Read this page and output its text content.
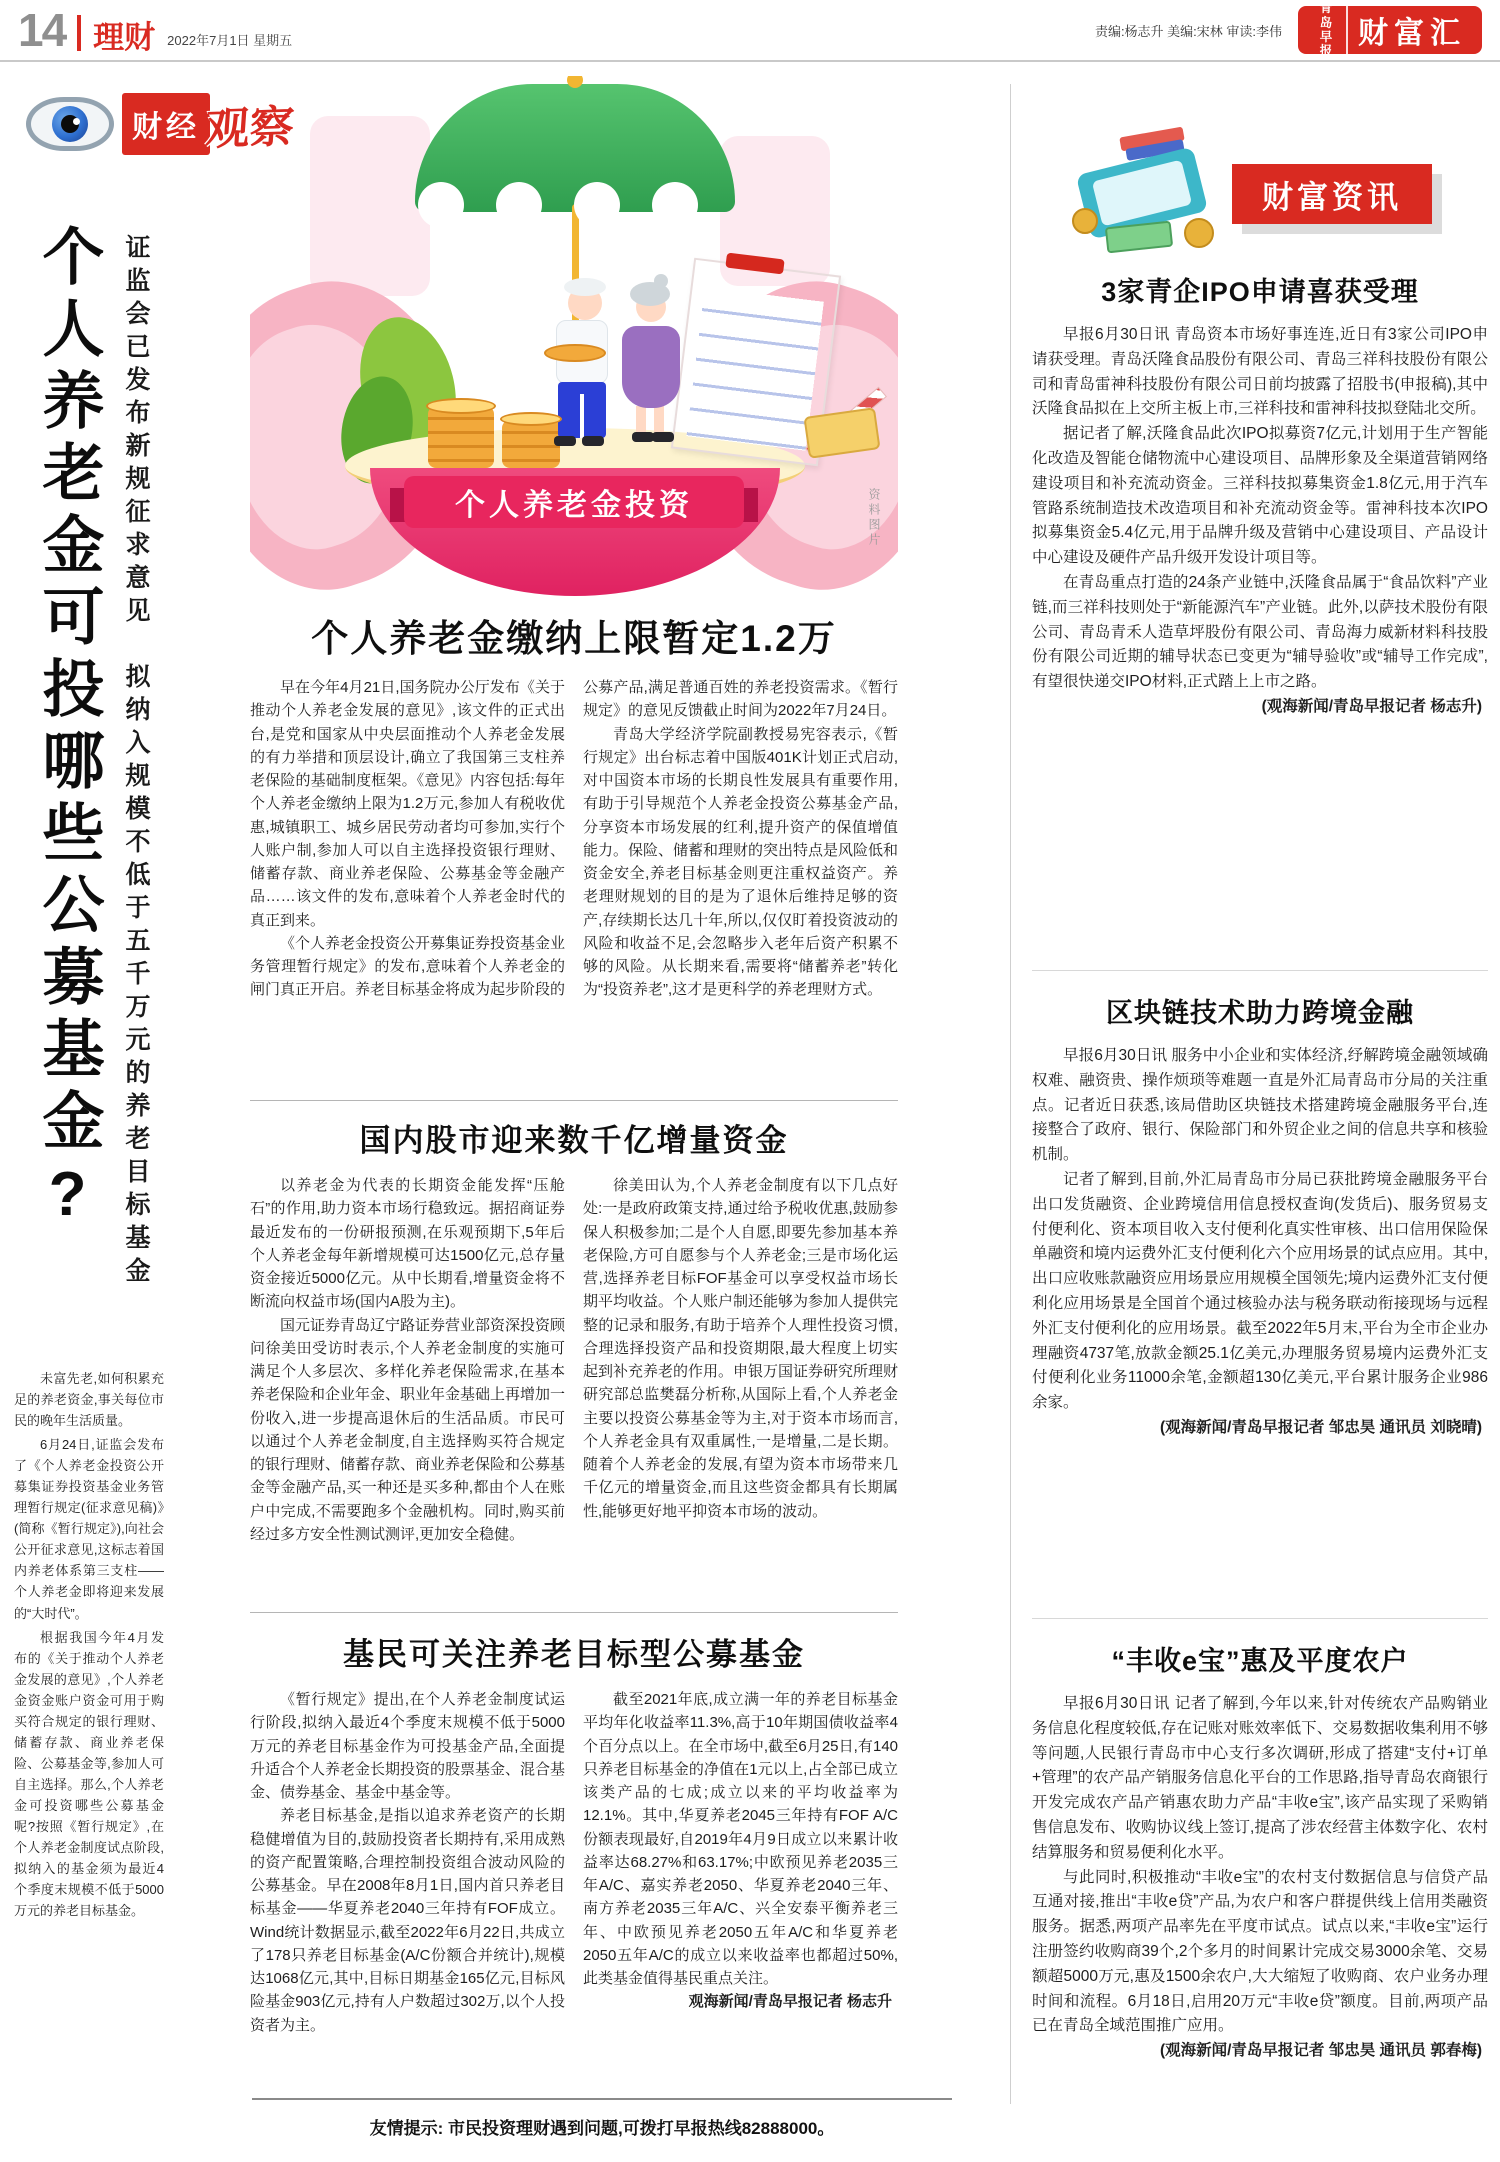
14 理财 2022年7月1日 星期五
责编:杨志升 美编:宋林 审读:李伟
青岛早报
财富汇
财经 观察
个人养老金可投哪些公募基金? 证监会已发布新规征求意见　拟纳入规模不低于五千万元的养老目标基金

未富先老,如何积累充足的养老资金,事关每位市民的晚年生活质量。

6月24日,证监会发布了《个人养老金投资公开募集证券投资基金业务管理暂行规定(征求意见稿)》(简称《暂行规定》),向社会公开征求意见,这标志着国内养老体系第三支柱——个人养老金即将迎来发展的“大时代”。

根据我国今年4月发布的《关于推动个人养老金发展的意见》,个人养老金资金账户资金可用于购买符合规定的银行理财、储蓄存款、商业养老保险、公募基金等,参加人可自主选择。那么,个人养老金可投资哪些公募基金呢?按照《暂行规定》,在个人养老金制度试点阶段,拟纳入的基金须为最近4个季度末规模不低于5000万元的养老目标基金。

个人养老金投资	资料图片
个人养老金缴纳上限暂定1.2万

早在今年4月21日,国务院办公厅发布《关于推动个人养老金发展的意见》,该文件的正式出台,是党和国家从中央层面推动个人养老金发展的有力举措和顶层设计,确立了我国第三支柱养老保险的基础制度框架。《意见》内容包括:每年个人养老金缴纳上限为1.2万元,参加人有税收优惠,城镇职工、城乡居民劳动者均可参加,实行个人账户制,参加人可以自主选择投资银行理财、储蓄存款、商业养老保险、公募基金等金融产品……该文件的发布,意味着个人养老金时代的真正到来。

《个人养老金投资公开募集证券投资基金业务管理暂行规定》的发布,意味着个人养老金的闸门真正开启。养老目标基金将成为起步阶段的公募产品,满足普通百姓的养老投资需求。《暂行规定》的意见反馈截止时间为2022年7月24日。

青岛大学经济学院副教授易宪容表示,《暂行规定》出台标志着中国版401K计划正式启动,对中国资本市场的长期良性发展具有重要作用,有助于引导规范个人养老金投资公募基金产品,分享资本市场发展的红利,提升资产的保值增值能力。保险、储蓄和理财的突出特点是风险低和资金安全,养老目标基金则更注重权益资产。养老理财规划的目的是为了退休后维持足够的资产,存续期长达几十年,所以,仅仅盯着投资波动的风险和收益不足,会忽略步入老年后资产积累不够的风险。从长期来看,需要将“储蓄养老”转化为“投资养老”,这才是更科学的养老理财方式。

国内股市迎来数千亿增量资金

以养老金为代表的长期资金能发挥“压舱石”的作用,助力资本市场行稳致远。据招商证券最近发布的一份研报预测,在乐观预期下,5年后个人养老金每年新增规模可达1500亿元,总存量资金接近5000亿元。从中长期看,增量资金将不断流向权益市场(国内A股为主)。

国元证券青岛辽宁路证券营业部资深投资顾问徐美田受访时表示,个人养老金制度的实施可满足个人多层次、多样化养老保险需求,在基本养老保险和企业年金、职业年金基础上再增加一份收入,进一步提高退休后的生活品质。市民可以通过个人养老金制度,自主选择购买符合规定的银行理财、储蓄存款、商业养老保险和公募基金等金融产品,买一种还是买多种,都由个人在账户中完成,不需要跑多个金融机构。同时,购买前经过多方安全性测试测评,更加安全稳健。

徐美田认为,个人养老金制度有以下几点好处:一是政府政策支持,通过给予税收优惠,鼓励参保人积极参加;二是个人自愿,即要先参加基本养老保险,方可自愿参与个人养老金;三是市场化运营,选择养老目标FOF基金可以享受权益市场长期平均收益。个人账户制还能够为参加人提供完整的记录和服务,有助于培养个人理性投资习惯,合理选择投资产品和投资期限,最大程度上切实起到补充养老的作用。申银万国证券研究所理财研究部总监樊磊分析称,从国际上看,个人养老金主要以投资公募基金等为主,对于资本市场而言,个人养老金具有双重属性,一是增量,二是长期。随着个人养老金的发展,有望为资本市场带来几千亿元的增量资金,而且这些资金都具有长期属性,能够更好地平抑资本市场的波动。

基民可关注养老目标型公募基金

《暂行规定》提出,在个人养老金制度试运行阶段,拟纳入最近4个季度末规模不低于5000万元的养老目标基金作为可投基金产品,全面提升适合个人养老金长期投资的股票基金、混合基金、债券基金、基金中基金等。

养老目标基金,是指以追求养老资产的长期稳健增值为目的,鼓励投资者长期持有,采用成熟的资产配置策略,合理控制投资组合波动风险的公募基金。早在2008年8月1日,国内首只养老目标基金——华夏养老2040三年持有FOF成立。Wind统计数据显示,截至2022年6月22日,共成立了178只养老目标基金(A/C份额合并统计),规模达1068亿元,其中,目标日期基金165亿元,目标风险基金903亿元,持有人户数超过302万,以个人投资者为主。

截至2021年底,成立满一年的养老目标基金平均年化收益率11.3%,高于10年期国债收益率4个百分点以上。在全市场中,截至6月25日,有140只养老目标基金的净值在1元以上,占全部已成立该类产品的七成;成立以来的平均收益率为12.1%。其中,华夏养老2045三年持有FOF A/C份额表现最好,自2019年4月9日成立以来累计收益率达68.27%和63.17%;中欧预见养老2035三年A/C、嘉实养老2050、华夏养老2040三年、南方养老2035三年A/C、兴全安泰平衡养老三年、中欧预见养老2050五年A/C和华夏养老2050五年A/C的成立以来收益率也都超过50%,此类基金值得基民重点关注。

观海新闻/青岛早报记者 杨志升

友情提示: 市民投资理财遇到问题,可拨打早报热线82888000。

财富资讯
3家青企IPO申请喜获受理

早报6月30日讯 青岛资本市场好事连连,近日有3家公司IPO申请获受理。青岛沃隆食品股份有限公司、青岛三祥科技股份有限公司和青岛雷神科技股份有限公司日前均披露了招股书(申报稿),其中沃隆食品拟在上交所主板上市,三祥科技和雷神科技拟登陆北交所。

据记者了解,沃隆食品此次IPO拟募资7亿元,计划用于生产智能化改造及智能仓储物流中心建设项目、品牌形象及全渠道营销网络建设项目和补充流动资金。三祥科技拟募集资金1.8亿元,用于汽车管路系统制造技术改造项目和补充流动资金等。雷神科技本次IPO拟募集资金5.4亿元,用于品牌升级及营销中心建设项目、产品设计中心建设及硬件产品升级开发设计项目等。

在青岛重点打造的24条产业链中,沃隆食品属于“食品饮料”产业链,而三祥科技则处于“新能源汽车”产业链。此外,以萨技术股份有限公司、青岛青禾人造草坪股份有限公司、青岛海力威新材料科技股份有限公司近期的辅导状态已变更为“辅导验收”或“辅导工作完成”,有望很快递交IPO材料,正式踏上上市之路。

(观海新闻/青岛早报记者 杨志升)

区块链技术助力跨境金融

早报6月30日讯 服务中小企业和实体经济,纾解跨境金融领域确权难、融资贵、操作烦琐等难题一直是外汇局青岛市分局的关注重点。记者近日获悉,该局借助区块链技术搭建跨境金融服务平台,连接整合了政府、银行、保险部门和外贸企业之间的信息共享和核验机制。

记者了解到,目前,外汇局青岛市分局已获批跨境金融服务平台出口发货融资、企业跨境信用信息授权查询(发货后)、服务贸易支付便利化、资本项目收入支付便利化真实性审核、出口信用保险保单融资和境内运费外汇支付便利化六个应用场景的试点应用。其中,出口应收账款融资应用场景应用规模全国领先;境内运费外汇支付便利化应用场景是全国首个通过核验办法与税务联动衔接现场与远程外汇支付便利化的应用场景。截至2022年5月末,平台为全市企业办理融资4737笔,放款金额25.1亿美元,办理服务贸易境内运费外汇支付便利化业务11000余笔,金额超130亿美元,平台累计服务企业986余家。

(观海新闻/青岛早报记者 邹忠昊 通讯员 刘晓晴)

“丰收e宝”惠及平度农户

早报6月30日讯 记者了解到,今年以来,针对传统农产品购销业务信息化程度较低,存在记账对账效率低下、交易数据收集利用不够等问题,人民银行青岛市中心支行多次调研,形成了搭建“支付+订单+管理”的农产品产销服务信息化平台的工作思路,指导青岛农商银行开发完成农产品产销惠农助力产品“丰收e宝”,该产品实现了采购销售信息发布、收购协议线上签订,提高了涉农经营主体数字化、农村结算服务和贸易便利化水平。

与此同时,积极推动“丰收e宝”的农村支付数据信息与信贷产品互通对接,推出“丰收e贷”产品,为农户和客户群提供线上信用类融资服务。据悉,两项产品率先在平度市试点。试点以来,“丰收e宝”运行注册签约收购商39个,2个多月的时间累计完成交易3000余笔、交易额超5000万元,惠及1500余农户,大大缩短了收购商、农户业务办理时间和流程。6月18日,启用20万元“丰收e贷”额度。目前,两项产品已在青岛全域范围推广应用。

(观海新闻/青岛早报记者 邹忠昊 通讯员 郭春梅)
